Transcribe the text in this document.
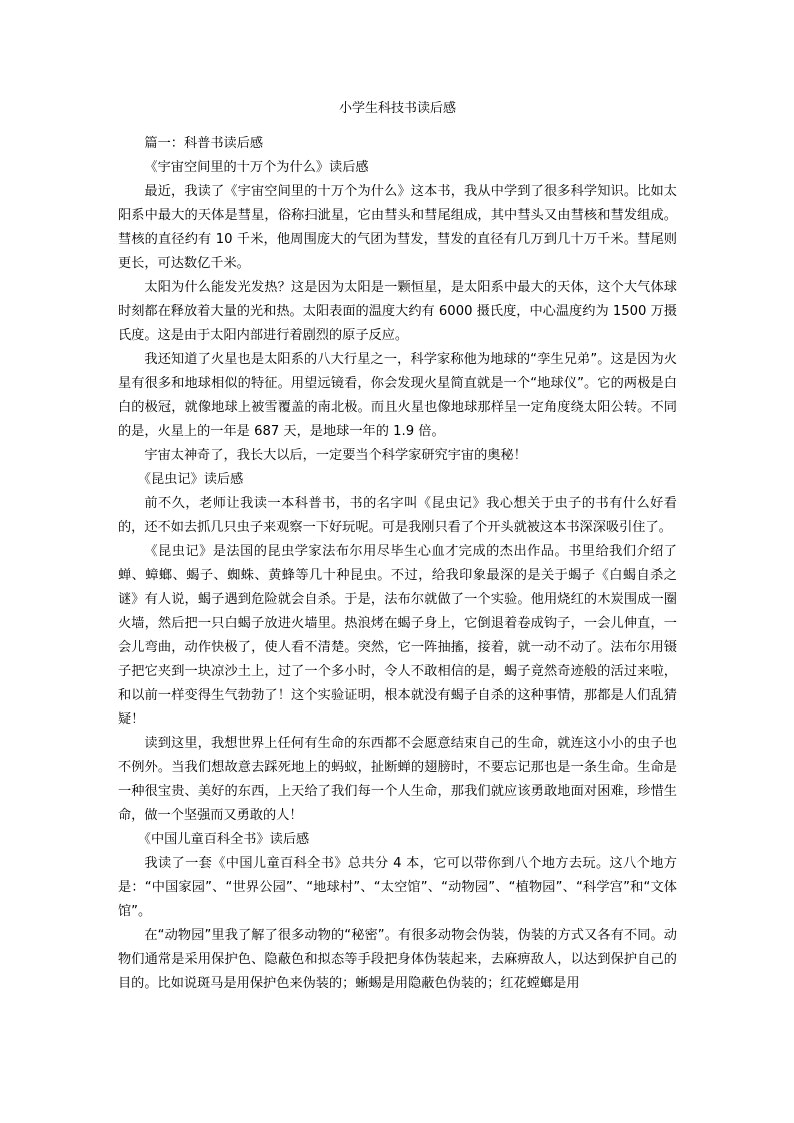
小学生科技书读后感

篇一：科普书读后感

《宇宙空间里的十万个为什么》读后感

最近，我读了《宇宙空间里的十万个为什么》这本书，我从中学到了很多科学知识。比如太阳系中最大的天体是彗星，俗称扫泚星，它由彗头和彗尾组成，其中彗头又由彗核和彗发组成。彗核的直径约有 10 千米，他周围庞大的气团为彗发，彗发的直径有几万到几十万千米。彗尾则更长，可达数亿千米。

太阳为什么能发光发热？这是因为太阳是一颗恒星，是太阳系中最大的天体，这个大气体球时刻都在释放着大量的光和热。太阳表面的温度大约有 6000 摄氏度，中心温度约为 1500 万摄氏度。这是由于太阳内部进行着剧烈的原子反应。

我还知道了火星也是太阳系的八大行星之一，科学家称他为地球的“孪生兄弟”。这是因为火星有很多和地球相似的特征。用望远镜看，你会发现火星简直就是一个“地球仪”。它的两极是白白的极冠，就像地球上被雪覆盖的南北极。而且火星也像地球那样呈一定角度绕太阳公转。不同的是，火星上的一年是 687 天，是地球一年的 1.9 倍。

宇宙太神奇了，我长大以后，一定要当个科学家研究宇宙的奥秘！

《昆虫记》读后感

前不久，老师让我读一本科普书，书的名字叫《昆虫记》我心想关于虫子的书有什么好看的，还不如去抓几只虫子来观察一下好玩呢。可是我刚只看了个开头就被这本书深深吸引住了。

《昆虫记》是法国的昆虫学家法布尔用尽毕生心血才完成的杰出作品。书里给我们介绍了蝉、蟑螂、蝎子、蜘蛛、黄蜂等几十种昆虫。不过，给我印象最深的是关于蝎子《白蝎自杀之谜》有人说，蝎子遇到危险就会自杀。于是，法布尔就做了一个实验。他用烧红的木炭围成一圈火墙，然后把一只白蝎子放进火墙里。热浪烤在蝎子身上，它倒退着卷成钩子，一会儿伸直，一会儿弯曲，动作快极了，使人看不清楚。突然，它一阵抽搐，接着，就一动不动了。法布尔用镊子把它夹到一块凉沙土上，过了一个多小时，令人不敢相信的是，蝎子竟然奇迹般的活过来啦，和以前一样变得生气勃勃了！这个实验证明，根本就没有蝎子自杀的这种事情，那都是人们乱猜疑！

读到这里，我想世界上任何有生命的东西都不会愿意结束自己的生命，就连这小小的虫子也不例外。当我们想故意去踩死地上的蚂蚁，扯断蝉的翅膀时，不要忘记那也是一条生命。生命是一种很宝贵、美好的东西，上天给了我们每一个人生命，那我们就应该勇敢地面对困难，珍惜生命，做一个坚强而又勇敢的人！

《中国儿童百科全书》读后感

我读了一套《中国儿童百科全书》总共分 4 本，它可以带你到八个地方去玩。这八个地方是：“中国家园”、“世界公园”、“地球村”、“太空馆”、“动物园”、“植物园”、“科学宫”和“文体馆”。

在“动物园”里我了解了很多动物的“秘密”。有很多动物会伪装，伪装的方式又各有不同。动物们通常是采用保护色、隐蔽色和拟态等手段把身体伪装起来，去麻痹敌人，以达到保护自己的目的。比如说斑马是用保护色来伪装的；蜥蜴是用隐蔽色伪装的；红花螳螂是用
